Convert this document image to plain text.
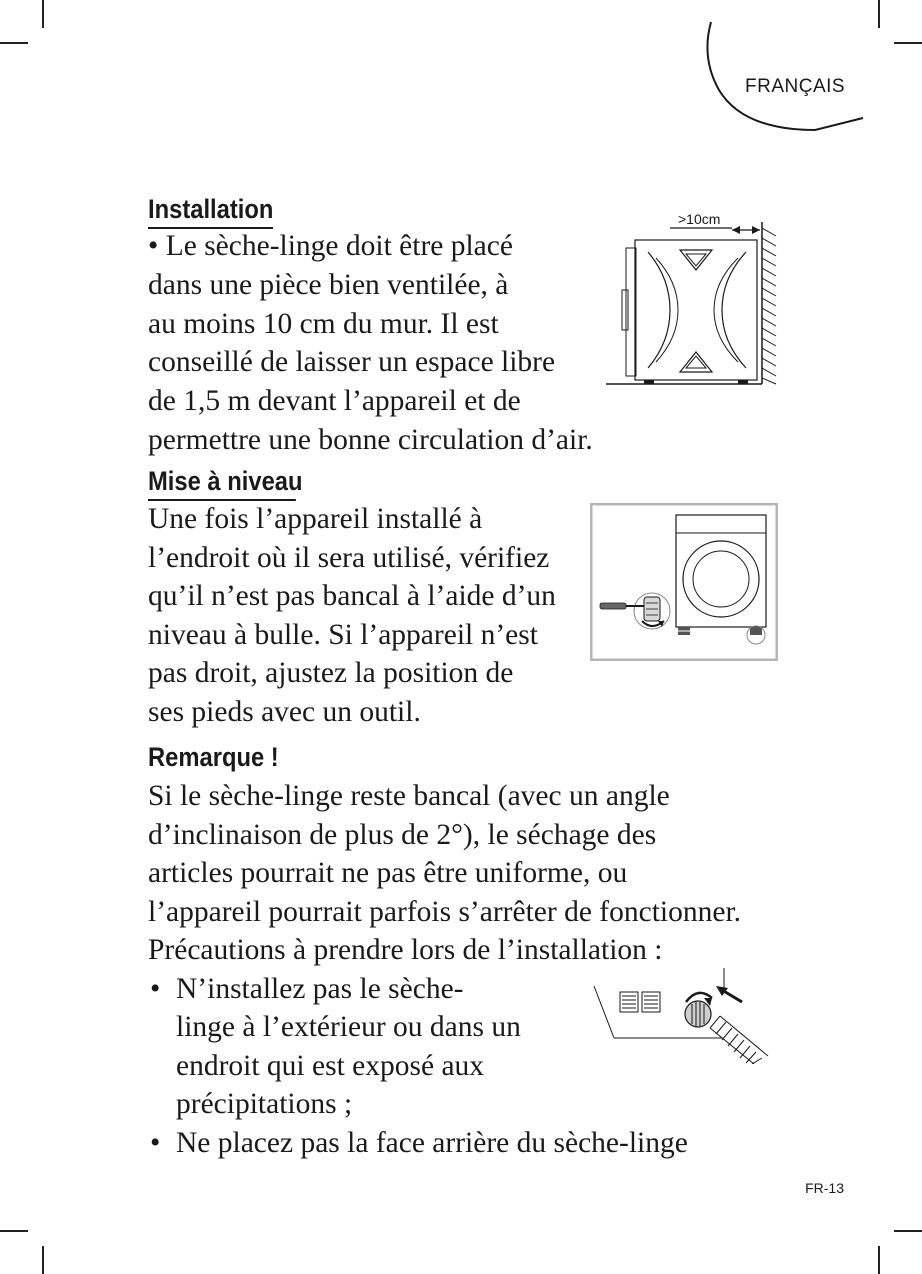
FRANÇAIS
Installation
• Le sèche-linge doit être placé
dans une pièce bien ventilée, à
au moins 10 cm du mur. Il est
conseillé de laisser un espace libre
de 1,5 m devant l’appareil et de
permettre une bonne circulation d’air.
>10cm
Mise à niveau
Une fois l’appareil installé à
l’endroit où il sera utilisé, vérifiez
qu’il n’est pas bancal à l’aide d’un
niveau à bulle. Si l’appareil n’est
pas droit, ajustez la position de
ses pieds avec un outil.
Remarque !
Si le sèche-linge reste bancal (avec un angle
d’inclinaison de plus de 2°), le séchage des
articles pourrait ne pas être uniforme, ou
l’appareil pourrait parfois s’arrêter de fonctionner.
Précautions à prendre lors de l’installation :
• N’installez pas le sèche-
linge à l’extérieur ou dans un
endroit qui est exposé aux
précipitations ;
• Ne placez pas la face arrière du sèche-linge
FR-13
